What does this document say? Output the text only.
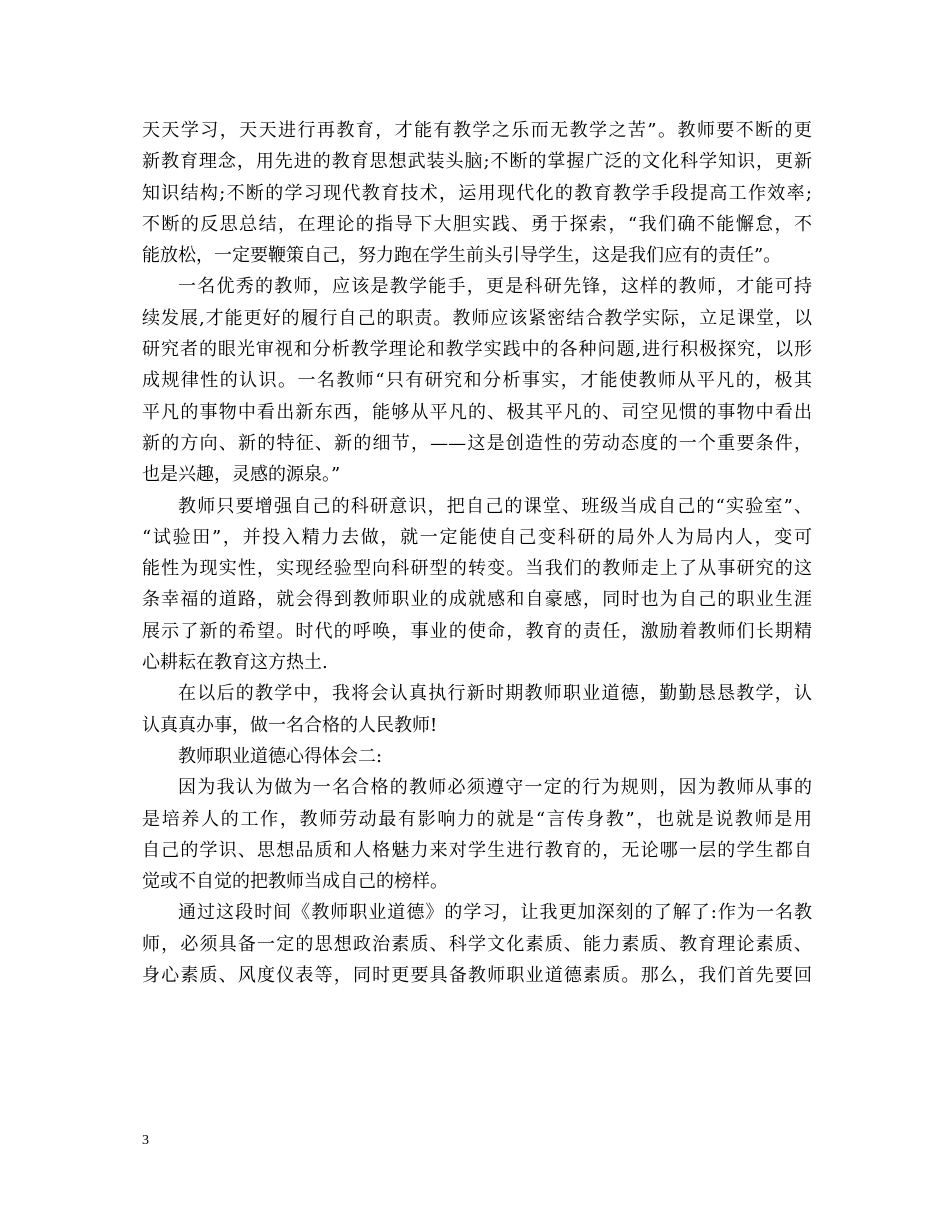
天天学习，天天进行再教育，才能有教学之乐而无教学之苦”。教师要不断的更
新教育理念，用先进的教育思想武装头脑;不断的掌握广泛的文化科学知识，更新
知识结构;不断的学习现代教育技术，运用现代化的教育教学手段提高工作效率;
不断的反思总结，在理论的指导下大胆实践、勇于探索，“我们确不能懈怠，不
能放松，一定要鞭策自己，努力跑在学生前头引导学生，这是我们应有的责任”。
一名优秀的教师，应该是教学能手，更是科研先锋，这样的教师，才能可持
续发展,才能更好的履行自己的职责。教师应该紧密结合教学实际，立足课堂，以
研究者的眼光审视和分析教学理论和教学实践中的各种问题,进行积极探究，以形
成规律性的认识。一名教师“只有研究和分析事实，才能使教师从平凡的，极其
平凡的事物中看出新东西，能够从平凡的、极其平凡的、司空见惯的事物中看出
新的方向、新的特征、新的细节，——这是创造性的劳动态度的一个重要条件，
也是兴趣，灵感的源泉。”
教师只要增强自己的科研意识，把自己的课堂、班级当成自己的“实验室”、
“试验田”，并投入精力去做，就一定能使自己变科研的局外人为局内人，变可
能性为现实性，实现经验型向科研型的转变。当我们的教师走上了从事研究的这
条幸福的道路，就会得到教师职业的成就感和自豪感，同时也为自己的职业生涯
展示了新的希望。时代的呼唤，事业的使命，教育的责任，激励着教师们长期精
心耕耘在教育这方热土.
在以后的教学中，我将会认真执行新时期教师职业道德，勤勤恳恳教学，认
认真真办事，做一名合格的人民教师!
教师职业道德心得体会二:
因为我认为做为一名合格的教师必须遵守一定的行为规则，因为教师从事的
是培养人的工作，教师劳动最有影响力的就是“言传身教”，也就是说教师是用
自己的学识、思想品质和人格魅力来对学生进行教育的，无论哪一层的学生都自
觉或不自觉的把教师当成自己的榜样。
通过这段时间《教师职业道德》的学习，让我更加深刻的了解了:作为一名教
师，必须具备一定的思想政治素质、科学文化素质、能力素质、教育理论素质、
身心素质、风度仪表等，同时更要具备教师职业道德素质。那么，我们首先要回
3
